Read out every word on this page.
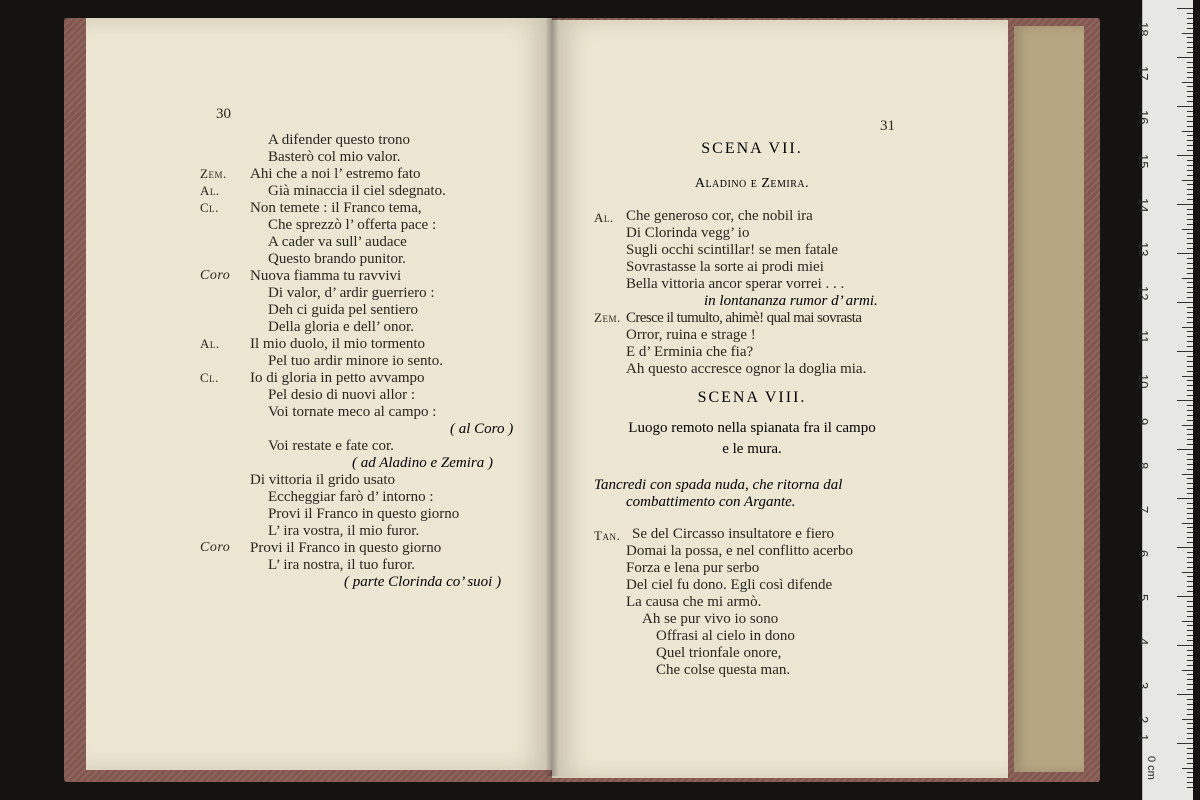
30
A difender questo trono
Basterò col mio valor.
Zem. Ahi che a noi l’ estremo fato
Al.	Già minaccia il ciel sdegnato.
Cl. Non temete : il Franco tema,
Che sprezzò l’ offerta pace :
A cader va sull’ audace
Questo brando punitor.
Coro Nuova fiamma tu ravvivi
Di valor, d’ ardir guerriero :
Deh ci guida pel sentiero
Della gloria e dell’ onor.
Al. Il mio duolo, il mio tormento
Pel tuo ardir minore io sento.
Cl. Io di gloria in petto avvampo
Pel desio di nuovi allor :
Voi tornate meco al campo :
( al Coro )
Voi restate e fate cor.
( ad Aladino e Zemira )
Di vittoria il grido usato
Eccheggiar farò d’ intorno :
Provi il Franco in questo giorno
L’ ira vostra, il mio furor.
Coro Provi il Franco in questo giorno
L’ ira nostra, il tuo furor.
( parte Clorinda co’ suoi )
31
SCENA VII.
Aladino e Zemira.
Al. Che generoso cor, che nobil ira
Di Clorinda vegg’ io
Sugli occhi scintillar! se men fatale
Sovrastasse la sorte ai prodi miei
Bella vittoria ancor sperar vorrei . . .
in lontananza rumor d’ armi.
Zem. Cresce il tumulto, ahimè! qual mai sovrasta
Orror, ruina e strage !
E d’ Erminia che fia?
Ah questo accresce ognor la doglia mia.
SCENA VIII.
Luogo remoto nella spianata fra il campo
e le mura.
Tancredi con spada nuda, che ritorna dal
combattimento con Argante.
Tan. Se del Circasso insultatore e fiero
Domai la possa, e nel conflitto acerbo
Forza e lena pur serbo
Del ciel fu dono. Egli così difende
La causa che mi armò.
Ah se pur vivo io sono
Offrasi al cielo in dono
Quel trionfale onore,
Che colse questa man.
18
17
16
15
14
13
12
11
10
9
8
7
6
5
4
3
2
1
0 cm
